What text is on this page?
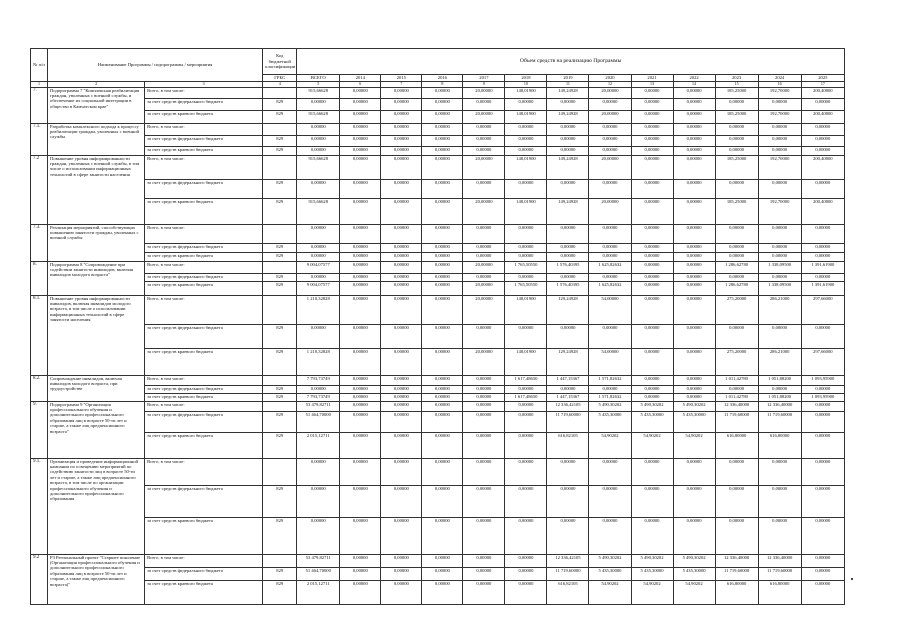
№ п/п	Наименование Программы / подпрограммы / мероприятия		Код бюджетной классификации	Объем средств на реализацию Программы												
			ГРБС	ВСЕГО	2014	2015	2016	2017	2018	2019	2020	2021	2022	2023	2024	2025
1	2	3	4	5	6	7	8	9	10	11	12	13	14	15	16	17
7.	Подпрограмма 7 "Комплексная реабилитация граждан, уволенных с военной службы, и обеспечение их социальной интеграции в общество в Камчатском крае"	Всего, в том числе:		915,66628	0,00000	0,00000	0,00000	20,00000	148,01900	149,24928	20,00000	0,00000	0,00000	185,25000	192,70000	200,40800
		за счет средств федерального бюджета	829	0,00000	0,00000	0,00000	0,00000	0,00000	0,00000	0,00000	0,00000	0,00000	0,00000	0,00000	0,00000	0,00000
		за счет средств краевого бюджета	829	915,66628	0,00000	0,00000	0,00000	20,00000	148,01900	149,24928	20,00000	0,00000	0,00000	185,25000	192,70000	200,40800
7.1.	Разработка комплексного подхода к процессу реабилитации граждан, уволенных с военной службы	Всего, в том числе:		0,00000	0,00000	0,00000	0,00000	0,00000	0,00000	0,00000	0,00000	0,00000	0,00000	0,00000	0,00000	0,00000
		за счет средств федерального бюджета	829	0,00000	0,00000	0,00000	0,00000	0,00000	0,00000	0,00000	0,00000	0,00000	0,00000	0,00000	0,00000	0,00000
		за счет средств краевого бюджета	829	0,00000	0,00000	0,00000	0,00000	0,00000	0,00000	0,00000	0,00000	0,00000	0,00000	0,00000	0,00000	0,00000
7.2	Повышение уровня информированности граждан, уволенных с военной службы, в том числе о использовании информационных технологий в сфере занятости населения	Всего, в том числе:		915,66628	0,00000	0,00000	0,00000	20,00000	148,01900	149,24928	20,00000	0,00000	0,00000	185,25000	192,70000	200,40800
		за счет средств федерального бюджета	829	0,00000	0,00000	0,00000	0,00000	0,00000	0,00000	0,00000	0,00000	0,00000	0,00000	0,00000	0,00000	0,00000
		за счет средств краевого бюджета	829	915,66628	0,00000	0,00000	0,00000	20,00000	148,01900	149,24928	20,00000	0,00000	0,00000	185,25000	192,70000	200,40800
7.3.	Реализация мероприятий, способствующих повышению занятости граждан, уволенных с военной службы	Всего, в том числе:		0,00000	0,00000	0,00000	0,00000	0,00000	0,00000	0,00000	0,00000	0,00000	0,00000	0,00000	0,00000	0,00000
		за счет средств федерального бюджета	829	0,00000	0,00000	0,00000	0,00000	0,00000	0,00000	0,00000	0,00000	0,00000	0,00000	0,00000	0,00000	0,00000
		за счет средств краевого бюджета	829	0,00000	0,00000	0,00000	0,00000	0,00000	0,00000	0,00000	0,00000	0,00000	0,00000	0,00000	0,00000	0,00000
8.	Подпрограмма 8 "Сопровождение при содействии занятости инвалидов, включая инвалидов молодого возраста"	Всего, в том числе:		9 004,07577	0,00000	0,00000	0,00000	20,00000	1 765,50550	1 576,40395	1 625,82632	0,00000	0,00000	1 286,62780	1 338,09500	1 391,61900
		за счет средств федерального бюджета	829	0,00000	0,00000	0,00000	0,00000	0,00000	0,00000	0,00000	0,00000	0,00000	0,00000	0,00000	0,00000	0,00000
		за счет средств краевого бюджета	829	9 004,07577	0,00000	0,00000	0,00000	20,00000	1 765,50550	1 576,40395	1 625,82632	0,00000	0,00000	1 286,62780	1 338,09500	1 391,61900
8.1.	Повышение уровня информированности инвалидов, включая инвалидов молодого возраста, в том числе о использовании информационных технологий в сфере занятости населения	Всего, в том числе:		1 210,32828	0,00000	0,00000	0,00000	20,00000	148,01900	129,24928	54,00000	0,00000	0,00000	275,20000	286,21000	297,66000
		за счет средств федерального бюджета	829	0,00000	0,00000	0,00000	0,00000	0,00000	0,00000	0,00000	0,00000	0,00000	0,00000	0,00000	0,00000	0,00000
		за счет средств краевого бюджета	829	1 210,32828	0,00000	0,00000	0,00000	20,00000	148,01900	129,24928	54,00000	0,00000	0,00000	275,20000	286,21000	297,66000
8.2.	Сопровождение инвалидов, включая инвалидов молодого возраста, при трудоустройстве	Всего, в том числе:		7 793,73749	0,00000	0,00000	0,00000	0,00000	1 617,48650	1 447,15367	1 571,82632	0,00000	0,00000	1 011,42780	1 051,88200	1 093,95900
		за счет средств федерального бюджета	829	0,00000	0,00000	0,00000	0,00000	0,00000	0,00000	0,00000	0,00000	0,00000	0,00000	0,00000	0,00000	0,00000
		за счет средств краевого бюджета	829	7 793,73749	0,00000	0,00000	0,00000	0,00000	1 617,48650	1 447,15367	1 571,82632	0,00000	0,00000	1 011,42780	1 051,88200	1 093,95900
9.	Подпрограмма 9 "Организация профессионального обучения и дополнительного профессионального образования лиц в возрасте 50-ти лет и старше, а также лиц предпенсионного возраста"	Всего, в том числе:		53 479,82711	0,00000	0,00000	0,00000	0,00000	0,00000	12 336,42105	5 490,30202	5 490,30202	5 490,30202	12 336,40000	12 336,40000	0,00000
		за счет средств федерального бюджета	829	51 464,70000	0,00000	0,00000	0,00000	0,00000	0,00000	11 719,60000	5 435,30000	5 435,30000	5 435,30000	11 719,60000	11 719,60000	0,00000
		за счет средств краевого бюджета	829	2 015,12711	0,00000	0,00000	0,00000	0,00000	0,00000	616,82105	54,90202	54,90202	54,90202	616,80000	616,80000	0,00000
9.1.	Организация и проведение информационной кампании по освещению мероприятий по содействию занятости лиц в возрасте 50-ти лет и старше, а также лиц предпенсионного возраста, в том числе по организации профессионального обучения и дополнительного профессионального образования	Всего, в том числе:		0,00000	0,00000	0,00000	0,00000	0,00000	0,00000	0,00000	0,00000	0,00000	0,00000	0,00000	0,00000	0,00000
		за счет средств федерального бюджета	829	0,00000	0,00000	0,00000	0,00000	0,00000	0,00000	0,00000	0,00000	0,00000	0,00000	0,00000	0,00000	0,00000
		за счет средств краевого бюджета	829	0,00000	0,00000	0,00000	0,00000	0,00000	0,00000	0,00000	0,00000	0,00000	0,00000	0,00000	0,00000	0,00000
9.2	Р3 Региональный проект "Старшее поколение (Организация профессионального обучения и дополнительного профессионального образования лиц в возрасте 50-ти лет и старше, а также лиц предпенсионного возраста)"	Всего, в том числе:		53 479,82711	0,00000	0,00000	0,00000	0,00000	0,00000	12 336,42105	5 490,30202	5 490,30202	5 490,30202	12 336,40000	12 336,40000	0,00000
		за счет средств федерального бюджета	829	51 464,70000	0,00000	0,00000	0,00000	0,00000	0,00000	11 719,60000	5 435,30000	5 435,30000	5 435,30000	11 719,60000	11 719,60000	0,00000
		за счет средств краевого бюджета	829	2 015,12711	0,00000	0,00000	0,00000	0,00000	0,00000	616,82105	54,90202	54,90202	54,90202	616,80000	616,80000	0,00000
